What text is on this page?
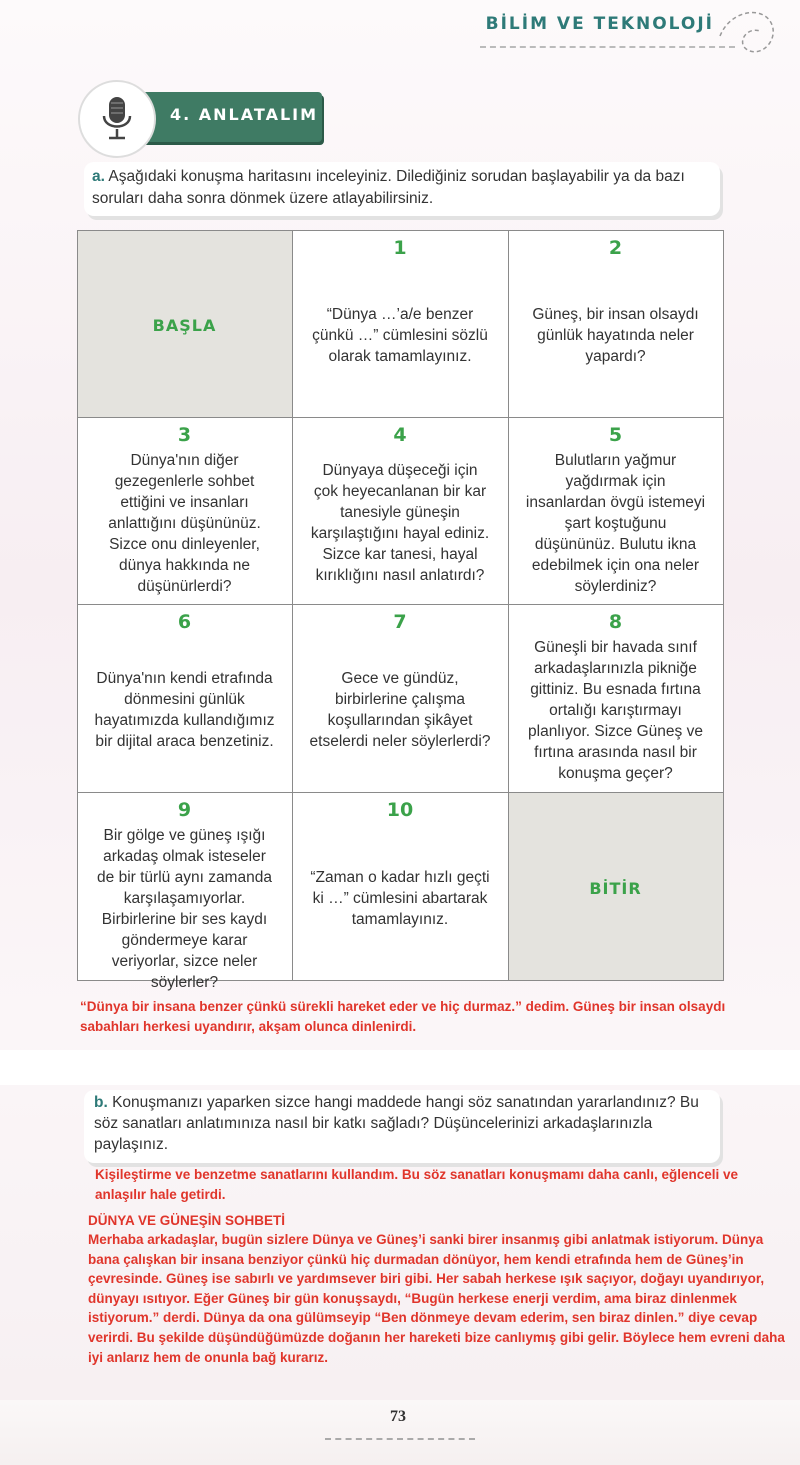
BİLİM VE TEKNOLOJİ
4. ANLATALIM
a. Aşağıdaki konuşma haritasını inceleyiniz. Dilediğiniz sorudan başlayabilir ya da bazı soruları daha sonra dönmek üzere atlayabilirsiniz.
BAŞLA
1
“Dünya …’a/e benzer çünkü …” cümlesini sözlü olarak tamamlayınız.
2
Güneş, bir insan olsaydı günlük hayatında neler yapardı?
3
Dünya'nın diğer gezegenlerle sohbet ettiğini ve insanları anlattığını düşününüz. Sizce onu dinleyenler, dünya hakkında ne düşünürlerdi?
4
Dünyaya düşeceği için çok heyecanlanan bir kar tanesiyle güneşin karşılaştığını hayal ediniz. Sizce kar tanesi, hayal kırıklığını nasıl anlatırdı?
5
Bulutların yağmur yağdırmak için insanlardan övgü istemeyi şart koştuğunu düşününüz. Bulutu ikna edebilmek için ona neler söylerdiniz?
6
Dünya'nın kendi etrafında dönmesini günlük hayatımızda kullandığımız bir dijital araca benzetiniz.
7
Gece ve gündüz, birbirlerine çalışma koşullarından şikâyet etselerdi neler söylerlerdi?
8
Güneşli bir havada sınıf arkadaşlarınızla pikniğe gittiniz. Bu esnada fırtına ortalığı karıştırmayı planlıyor. Sizce Güneş ve fırtına arasında nasıl bir konuşma geçer?
9
Bir gölge ve güneş ışığı arkadaş olmak isteseler de bir türlü aynı zamanda karşılaşamıyorlar. Birbirlerine bir ses kaydı göndermeye karar veriyorlar, sizce neler söylerler?
10
“Zaman o kadar hızlı geçti ki …” cümlesini abartarak tamamlayınız.
BİTİR
“Dünya bir insana benzer çünkü sürekli hareket eder ve hiç durmaz.” dedim. Güneş bir insan olsaydı sabahları herkesi uyandırır, akşam olunca dinlenirdi.
b. Konuşmanızı yaparken sizce hangi maddede hangi söz sanatından yararlandınız? Bu söz sanatları anlatımınıza nasıl bir katkı sağladı? Düşüncelerinizi arkadaşlarınızla paylaşınız.
Kişileştirme ve benzetme sanatlarını kullandım. Bu söz sanatları konuşmamı daha canlı, eğlenceli ve anlaşılır hale getirdi.
DÜNYA VE GÜNEŞİN SOHBETİ
Merhaba arkadaşlar, bugün sizlere Dünya ve Güneş’i sanki birer insanmış gibi anlatmak istiyorum. Dünya bana çalışkan bir insana benziyor çünkü hiç durmadan dönüyor, hem kendi etrafında hem de Güneş’in çevresinde. Güneş ise sabırlı ve yardımsever biri gibi. Her sabah herkese ışık saçıyor, doğayı uyandırıyor, dünyayı ısıtıyor. Eğer Güneş bir gün konuşsaydı, “Bugün herkese enerji verdim, ama biraz dinlenmek istiyorum.” derdi. Dünya da ona gülümseyip “Ben dönmeye devam ederim, sen biraz dinlen.” diye cevap verirdi. Bu şekilde düşündüğümüzde doğanın her hareketi bize canlıymış gibi gelir. Böylece hem evreni daha iyi anlarız hem de onunla bağ kurarız.
73
